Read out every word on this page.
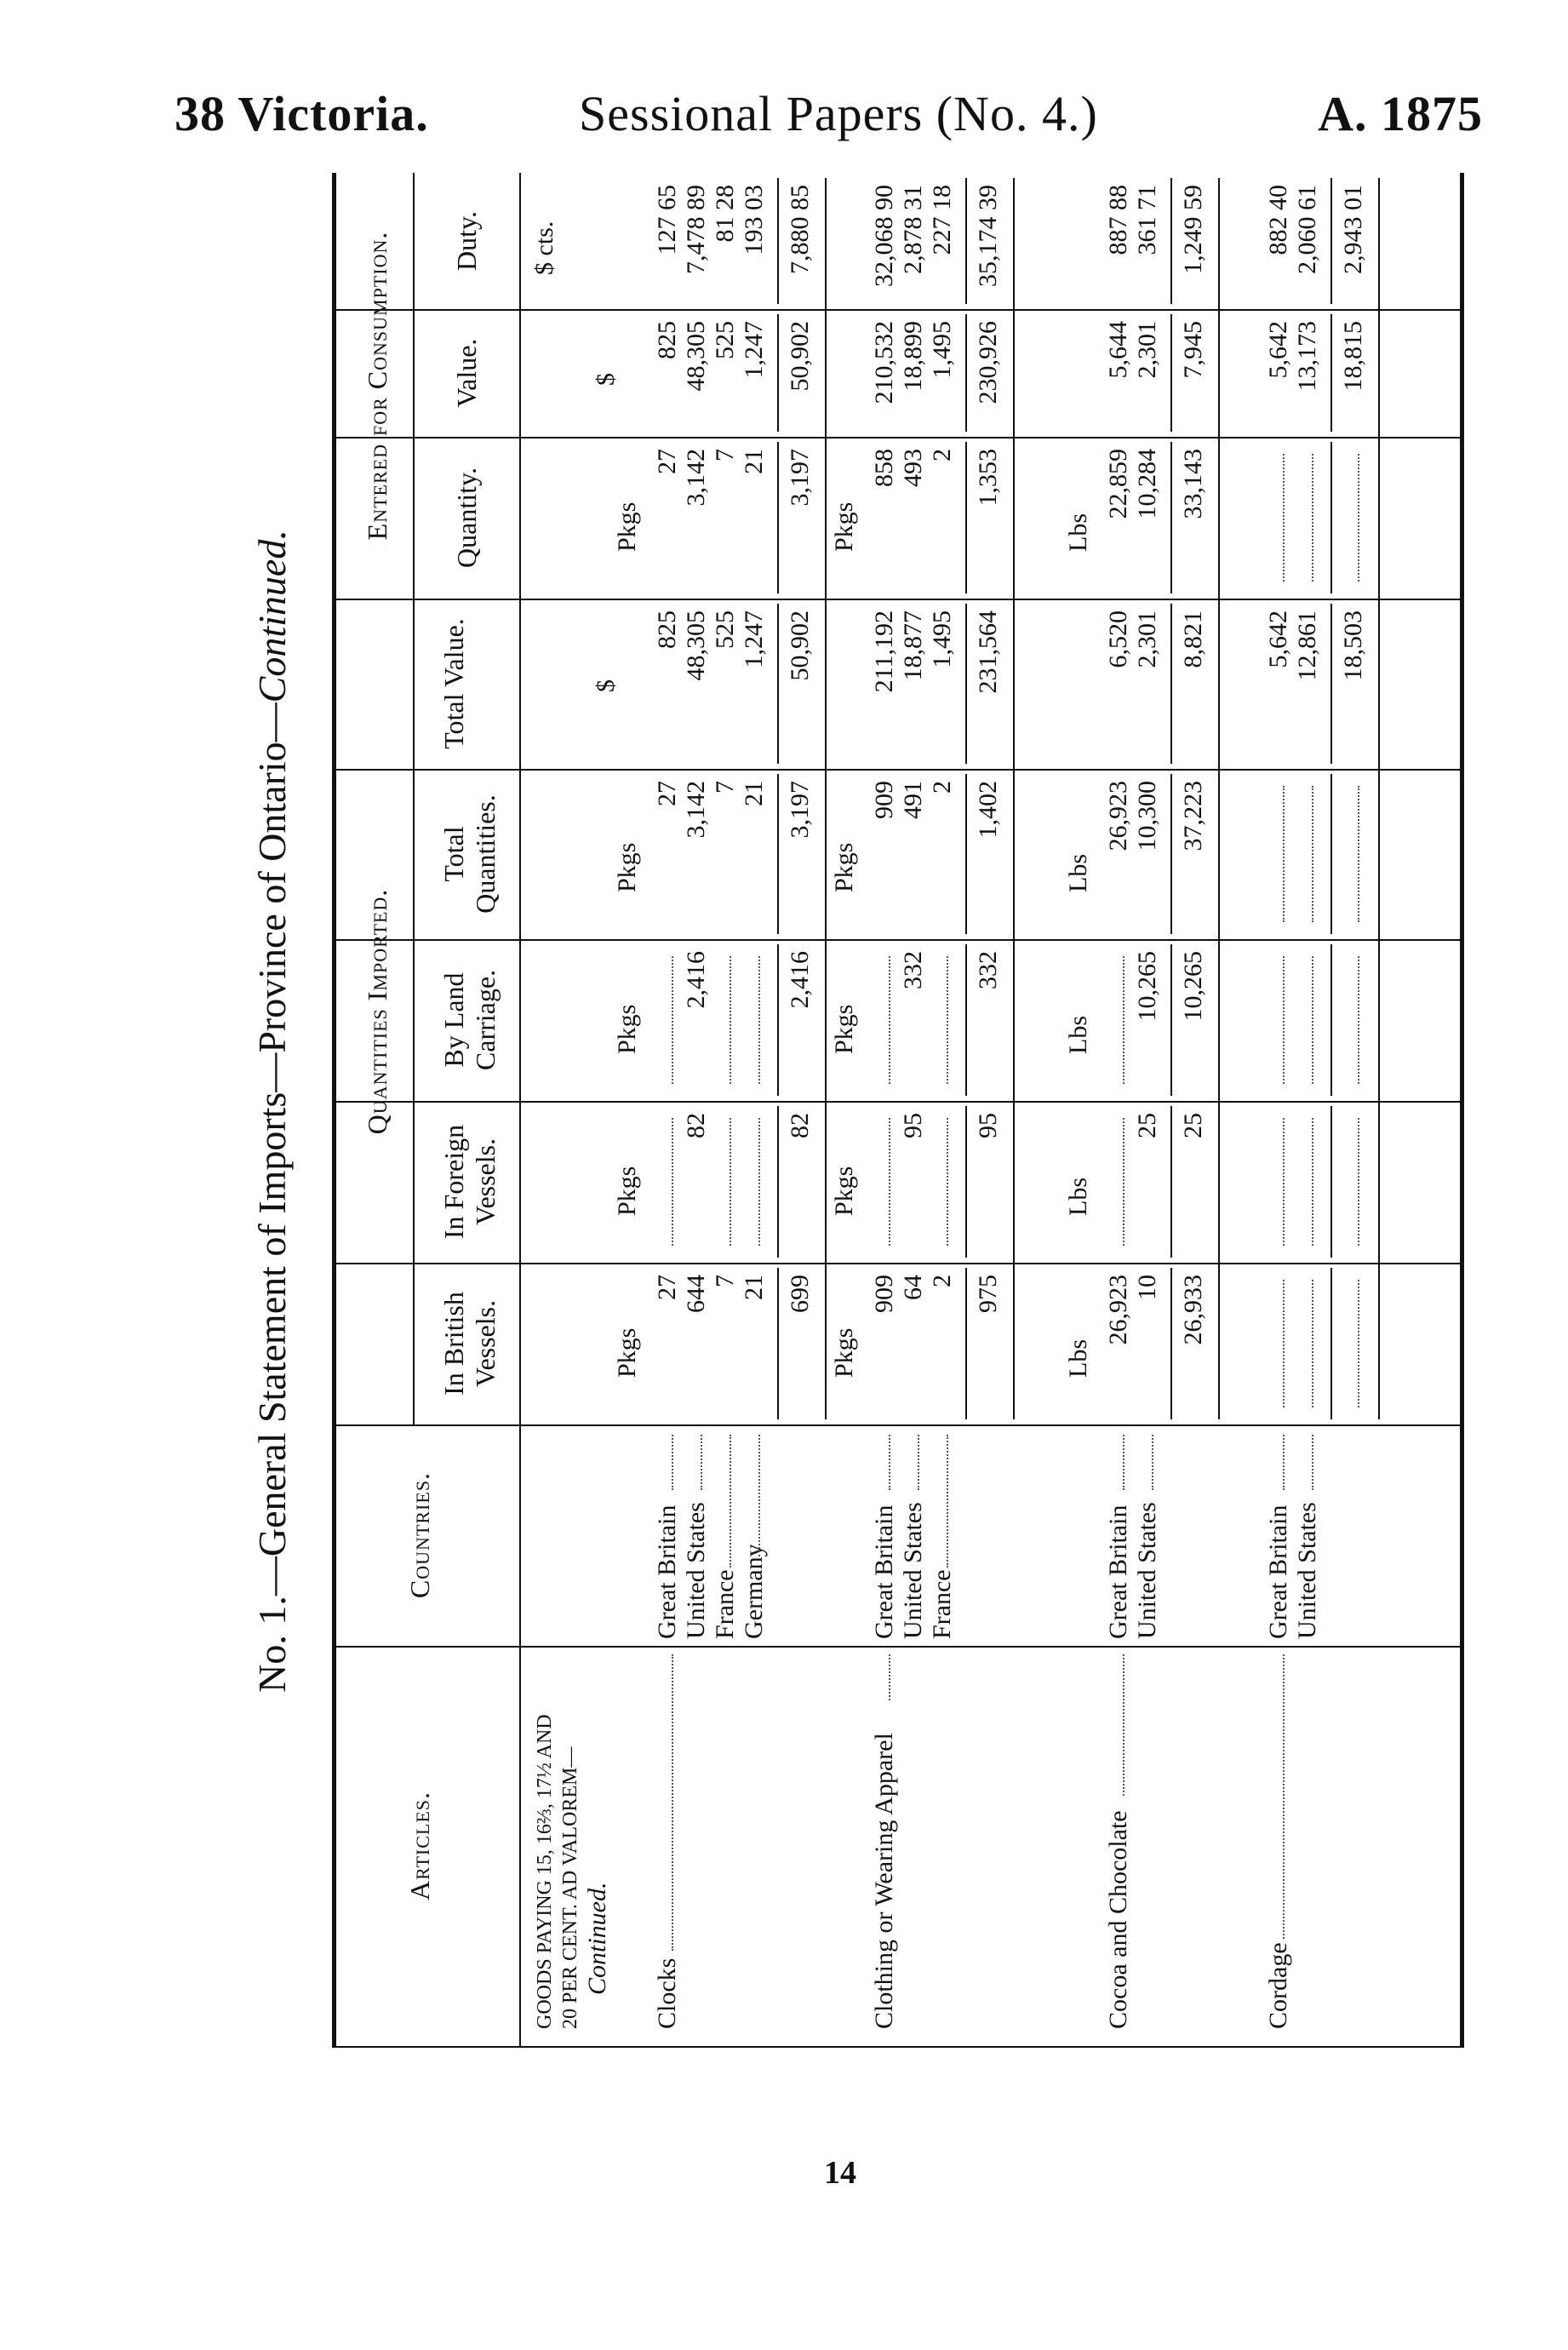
38 Victoria.	Sessional Papers (No. 4.)	A. 1875
No. 1.—General Statement of Imports—Province of Ontario—Continued.
Articles.
Countries.
Quantities Imported.
In British Vessels.
In Foreign Vessels.
By Land Carriage.
Total Quantities.
Total Value.
Entered for Consumption. Quantity.
Value.
Duty.
GOODS PAYING 15, 16⅔, 17½ AND 20 PER CENT. AD VALOREM— Continued.
$
$
$ cts.
Pkgs
Pkgs
Pkgs
Pkgs
Pkgs
Clocks
Great Britain
27
27
825
27
825
127 65
United States
644
82
2,416
3,142
48,305
3,142
48,305
7,478 89
France
7
7
525
7
525
81 28
Germany
21
21
1,247
21
1,247
193 03
699
82
2,416
3,197
50,902
3,197
50,902
7,880 85
Pkgs
Pkgs
Pkgs
Pkgs
Pkgs
Clothing or Wearing Apparel
Great Britain
909
909
211,192
858
210,532
32,068 90
United States
64
95
332
491
18,877
493
18,899
2,878 31
France
2
2
1,495
2
1,495
227 18
975
95
332
1,402
231,564
1,353
230,926
35,174 39
Lbs
Lbs
Lbs
Lbs
Lbs
Cocoa and Chocolate
Great Britain
26,923
26,923
6,520
22,859
5,644
887 88
United States
10
25
10,265
10,300
2,301
10,284
2,301
361 71
26,933
25
10,265
37,223
8,821
33,143
7,945
1,249 59
Cordage
Great Britain
5,642
5,642
882 40
United States
12,861
13,173
2,060 61
18,503
18,815
2,943 01
14
